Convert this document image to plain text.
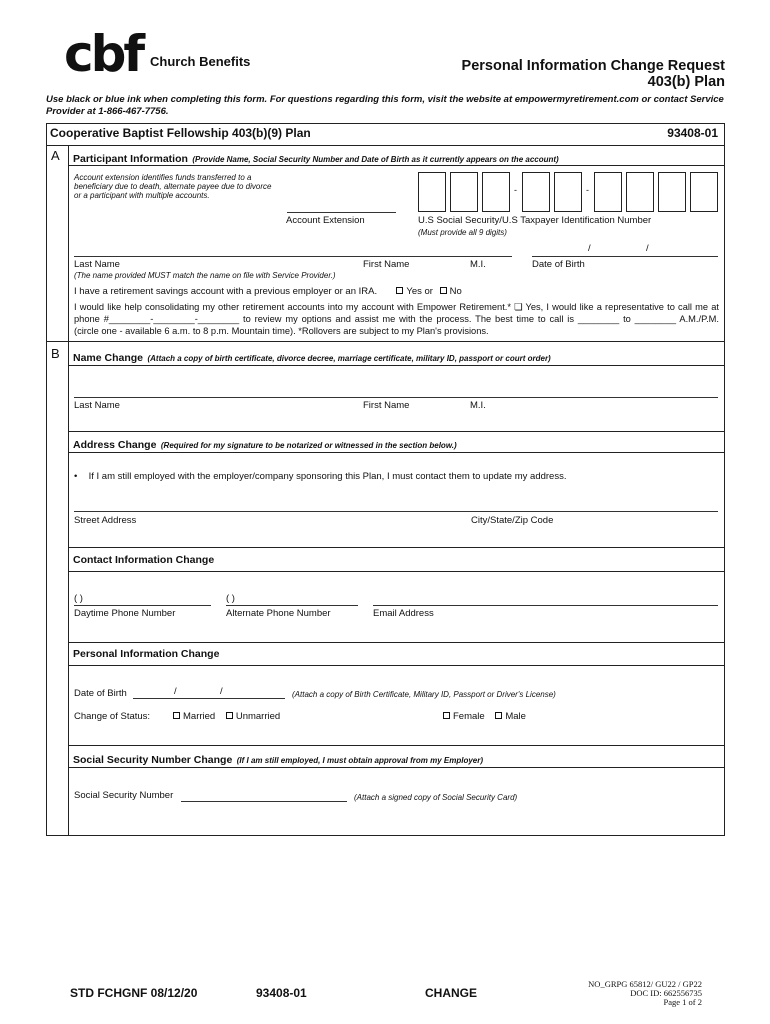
cbf Church Benefits	Personal Information Change Request
403(b) Plan
Use black or blue ink when completing this form. For questions regarding this form, visit the website at empowermyretirement.com or contact Service Provider at 1-866-467-7756.
Cooperative Baptist Fellowship 403(b)(9) Plan	93408-01
A Participant Information (Provide Name, Social Security Number and Date of Birth as it currently appears on the account)
Account extension identifies funds transferred to a beneficiary due to death, alternate payee due to divorce or a participant with multiple accounts.
Account Extension
-	-
U.S Social Security/U.S Taxpayer Identification Number
(Must provide all 9 digits)
/	/
Last Name	First Name	M.I.	Date of Birth
(The name provided MUST match the name on file with Service Provider.)
I have a retirement savings account with a previous employer or an IRA.	Yes or No
I would like help consolidating my other retirement accounts into my account with Empower Retirement.* ❏ Yes, I would like a representative to call me at phone #________-________-________ to review my options and assist me with the process. The best time to call is ________ to ________ A.M./P.M. (circle one - available 6 a.m. to 8 p.m. Mountain time). *Rollovers are subject to my Plan's provisions.
B Name Change (Attach a copy of birth certificate, divorce decree, marriage certificate, military ID, passport or court order)
Last Name	First Name	M.I.
Address Change (Required for my signature to be notarized or witnessed in the section below.)
• If I am still employed with the employer/company sponsoring this Plan, I must contact them to update my address.
Street Address	City/State/Zip Code
Contact Information Change
( )	( )
Daytime Phone Number	Alternate Phone Number	Email Address
Personal Information Change
Date of Birth	/	/	(Attach a copy of Birth Certificate, Military ID, Passport or Driver's License)
Change of Status:	Married Unmarried	Female Male
Social Security Number Change (If I am still employed, I must obtain approval from my Employer)
Social Security Number	(Attach a signed copy of Social Security Card)
STD FCHGNF 08/12/20	93408-01	CHANGE
NO_GRPG 65812/ GU22 / GP22
DOC ID: 662556735
Page 1 of 2
